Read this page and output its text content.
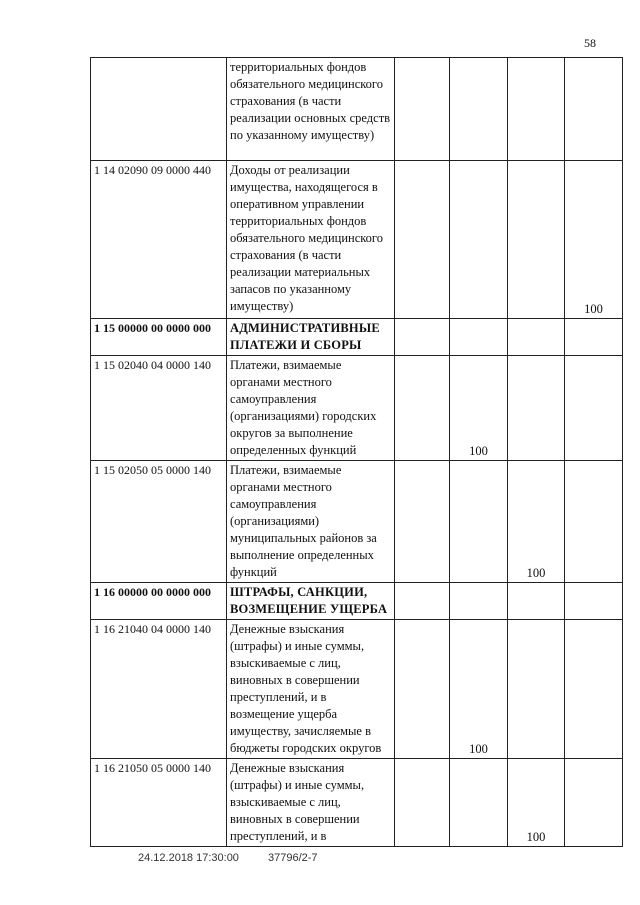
58
	территориальных фондов обязательного медицинского страхования (в части реализации основных средств по указанному имуществу)				
1 14 02090 09 0000 440	Доходы от реализации имущества, находящегося в оперативном управлении территориальных фондов обязательного медицинского страхования (в части реализации материальных запасов по указанному имуществу)				100
1 15 00000 00 0000 000	АДМИНИСТРАТИВНЫЕ ПЛАТЕЖИ И СБОРЫ				
1 15 02040 04 0000 140	Платежи, взимаемые органами местного самоуправления (организациями) городских округов за выполнение определенных функций		100		
1 15 02050 05 0000 140	Платежи, взимаемые органами местного самоуправления (организациями) муниципальных районов за выполнение определенных функций			100	
1 16 00000 00 0000 000	ШТРАФЫ, САНКЦИИ, ВОЗМЕЩЕНИЕ УЩЕРБА				
1 16 21040 04 0000 140	Денежные взыскания (штрафы) и иные суммы, взыскиваемые с лиц, виновных в совершении преступлений, и в возмещение ущерба имуществу, зачисляемые в бюджеты городских округов		100		
1 16 21050 05 0000 140	Денежные взыскания (штрафы) и иные суммы, взыскиваемые с лиц, виновных в совершении преступлений, и в			100	
24.12.2018 17:30:00	37796/2-7
